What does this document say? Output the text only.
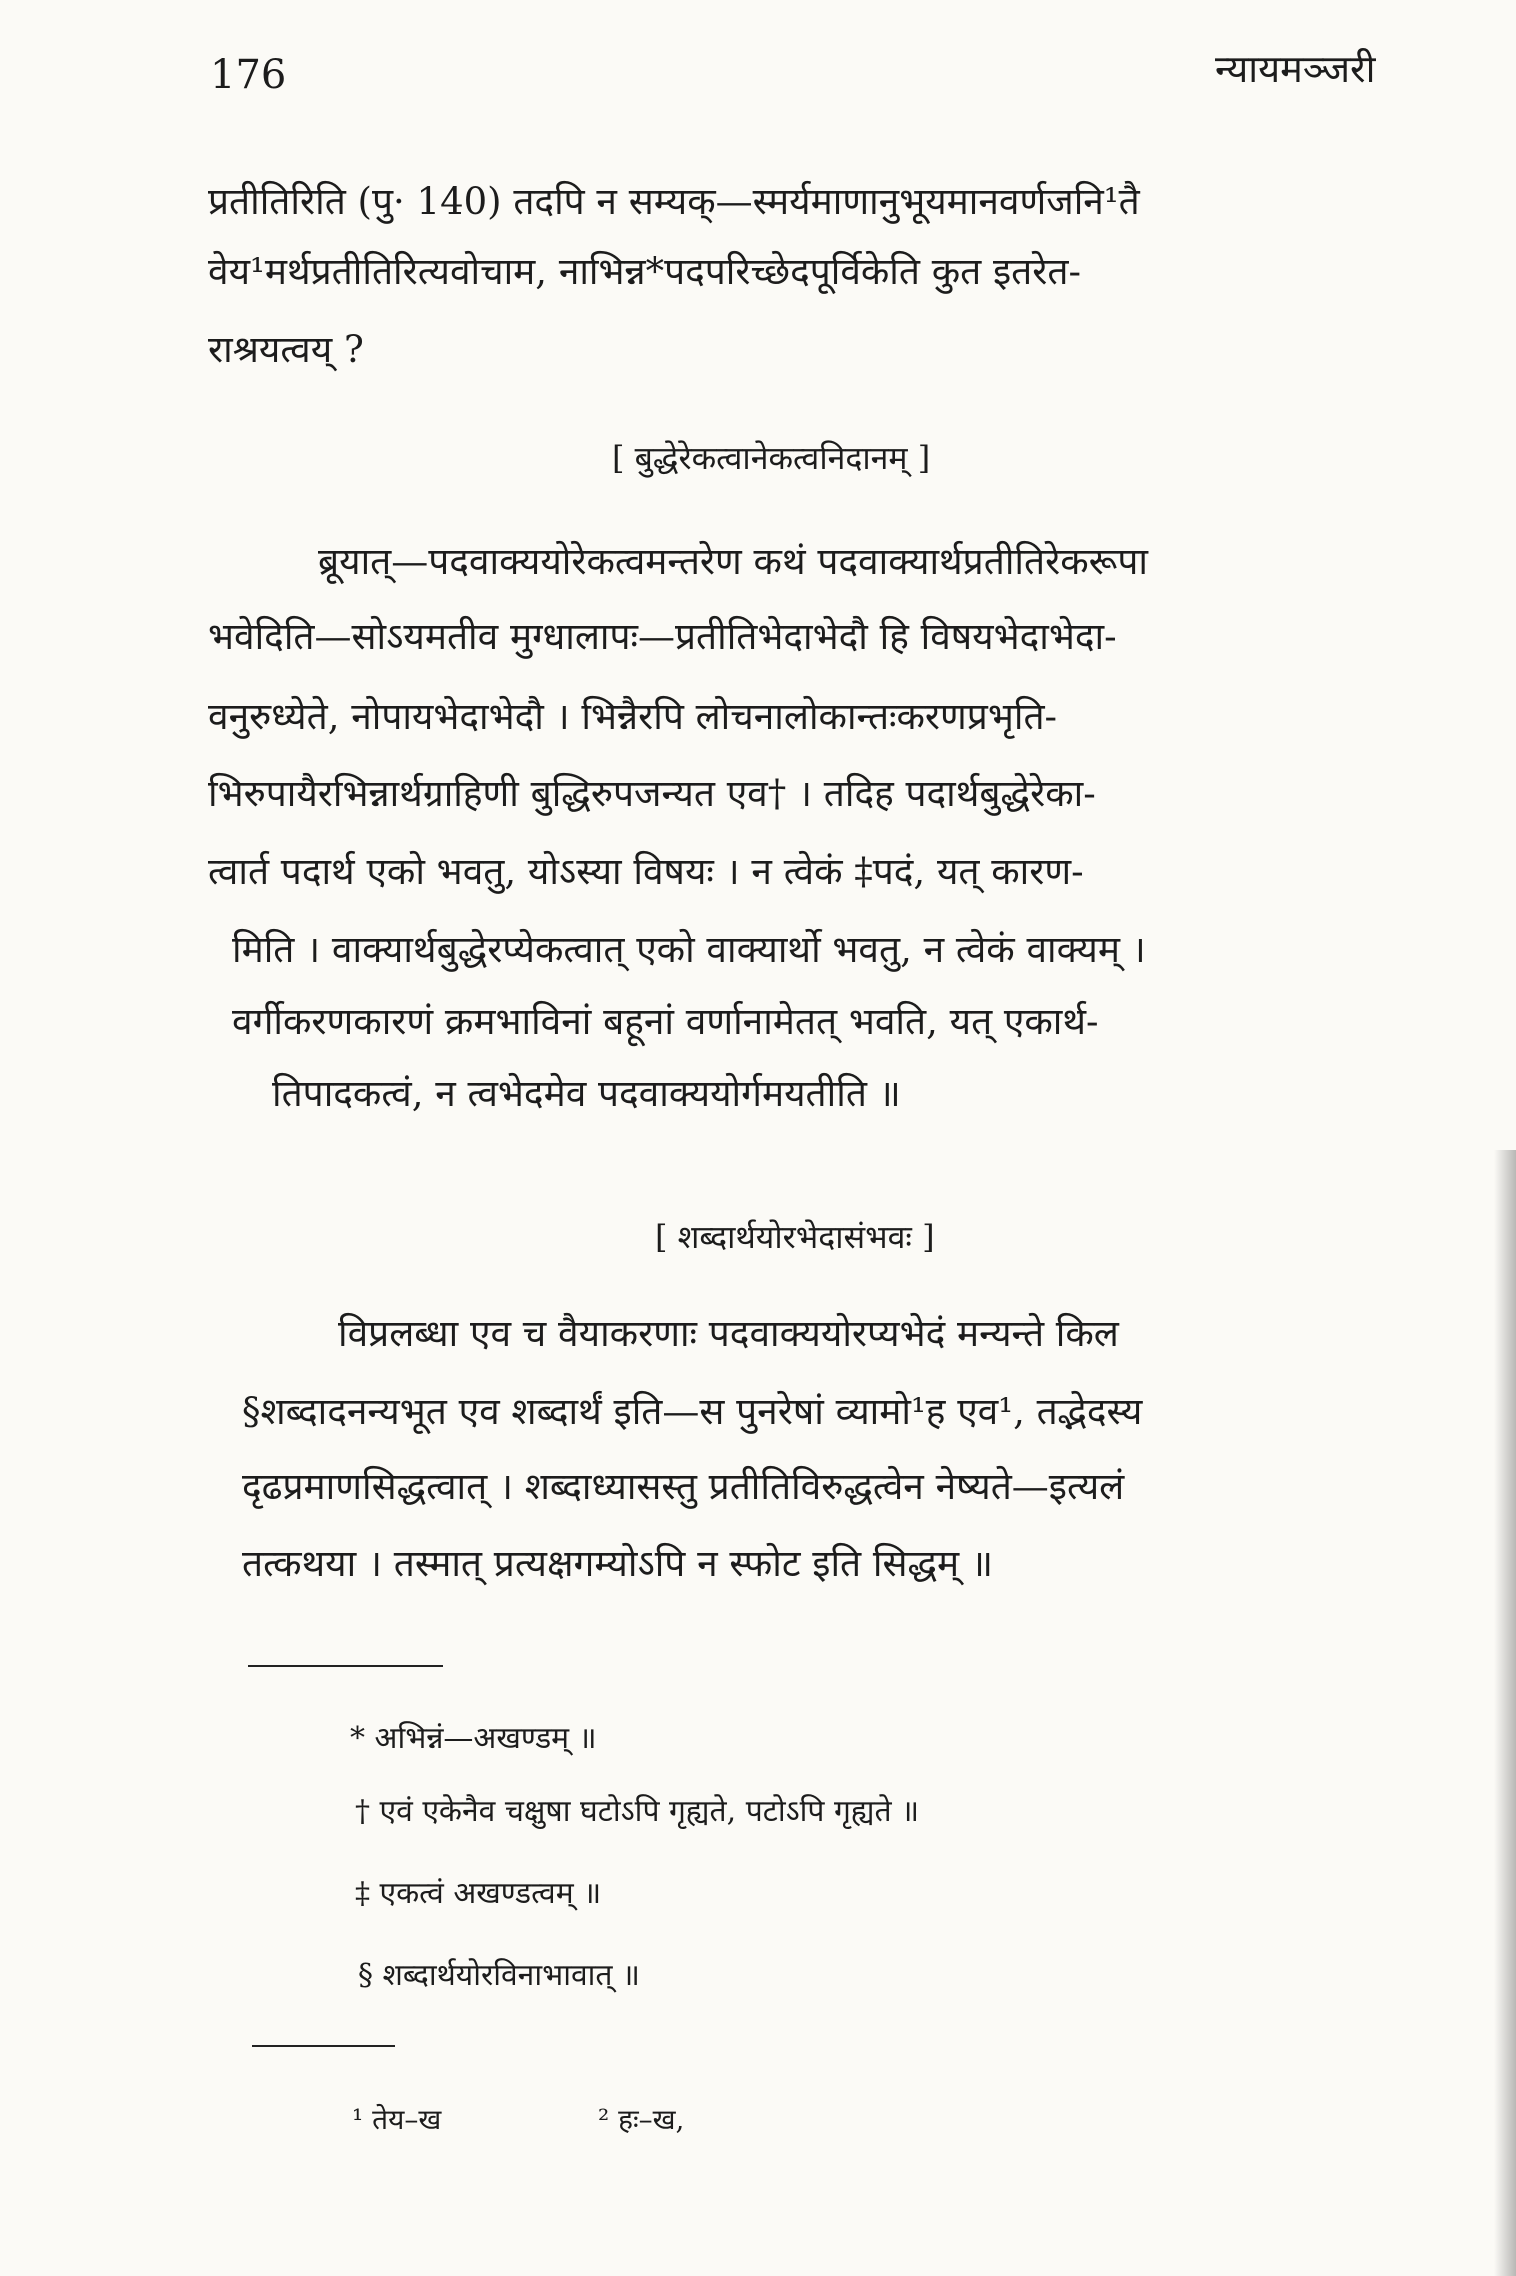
176	न्यायमञ्जरी
प्रतीतिरिति (पु· 140) तदपि न सम्यक्—स्मर्यमाणानुभूयमानवर्णजनि¹तै
वेय¹मर्थप्रतीतिरित्यवोचाम, नाभिन्न*पदपरिच्छेदपूर्विकेति कुत इतरेत-
राश्रयत्वय् ?
[ बुद्धेरेकत्वानेकत्वनिदानम् ]
ब्रूयात्—पदवाक्ययोरेकत्वमन्तरेण कथं पदवाक्यार्थप्रतीतिरेकरूपा
भवेदिति—सोऽयमतीव मुग्धालापः—प्रतीतिभेदाभेदौ हि विषयभेदाभेदा-
वनुरुध्येते, नोपायभेदाभेदौ । भिन्नैरपि लोचनालोकान्तःकरणप्रभृति-
भिरुपायैरभिन्नार्थग्राहिणी बुद्धिरुपजन्यत एव† । तदिह पदार्थबुद्धेरेका-
त्वार्त पदार्थ एको भवतु, योऽस्या विषयः । न त्वेकं ‡पदं, यत् कारण-
मिति । वाक्यार्थबुद्धेरप्येकत्वात् एको वाक्यार्थो भवतु, न त्वेकं वाक्यम् ।
वर्गीकरणकारणं क्रमभाविनां बहूनां वर्णानामेतत् भवति, यत् एकार्थ-
तिपादकत्वं, न त्वभेदमेव पदवाक्ययोर्गमयतीति ॥
[ शब्दार्थयोरभेदासंभवः ]
विप्रलब्धा एव च वैयाकरणाः पदवाक्ययोरप्यभेदं मन्यन्ते किल
§शब्दादनन्यभूत एव शब्दार्थं इति—स पुनरेषां व्यामो¹ह एव¹, तद्भेदस्य
दृढप्रमाणसिद्धत्वात् । शब्दाध्यासस्तु प्रतीतिविरुद्धत्वेन नेष्यते—इत्यलं
तत्कथया । तस्मात् प्रत्यक्षगम्योऽपि न स्फोट इति सिद्धम् ॥
* अभिन्नं—अखण्डम् ॥
† एवं एकेनैव चक्षुषा घटोऽपि गृह्यते, पटोऽपि गृह्यते ॥
‡ एकत्वं अखण्डत्वम् ॥
§ शब्दार्थयोरविनाभावात् ॥
¹ तेय–ख	² हः–ख,
